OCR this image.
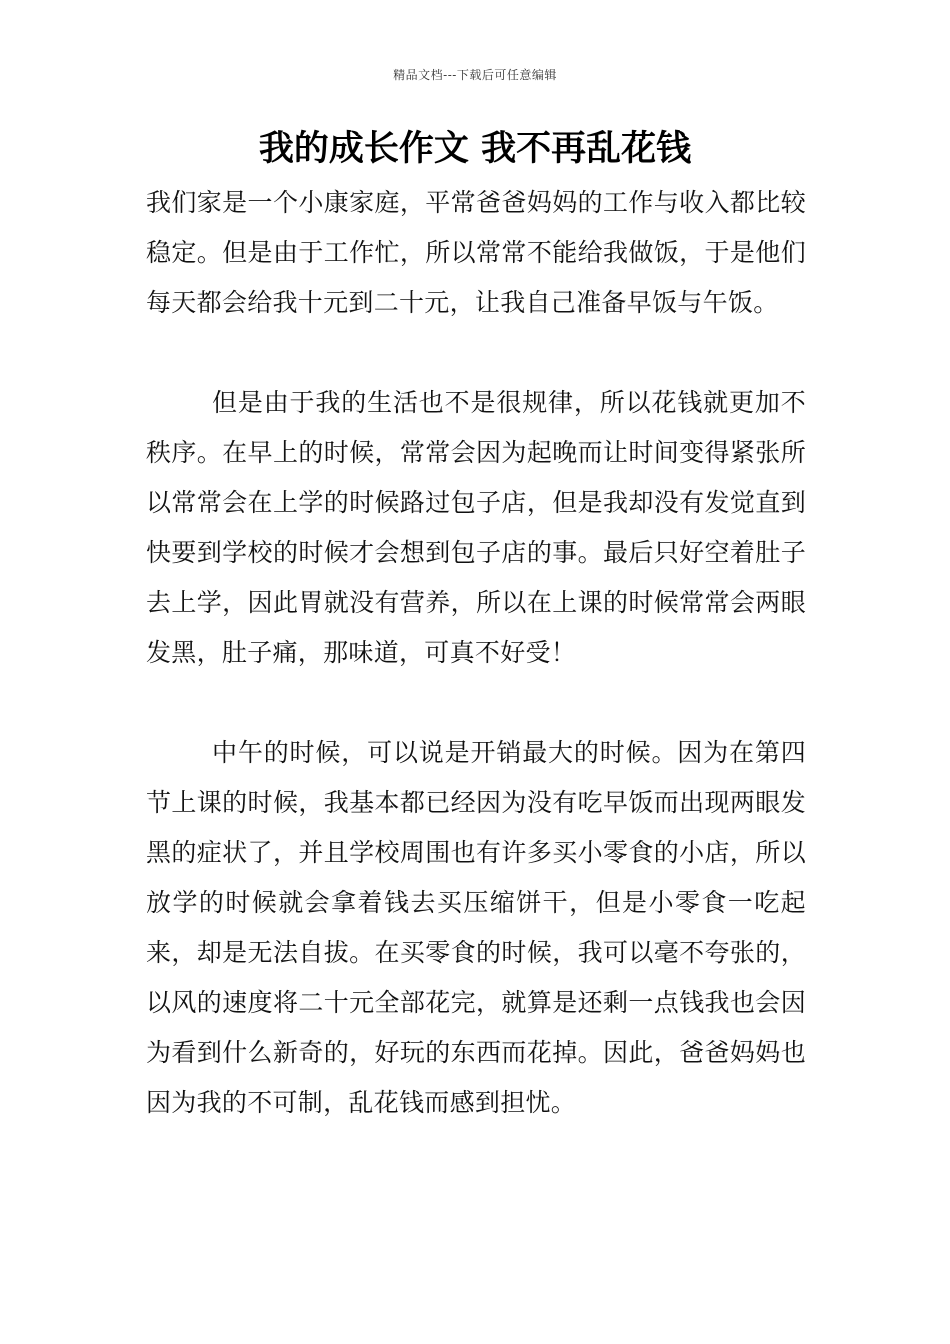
精品文档---下载后可任意编辑
我的成长作文 我不再乱花钱

我们家是一个小康家庭，平常爸爸妈妈的工作与收入都比较稳定。但是由于工作忙，所以常常不能给我做饭，于是他们每天都会给我十元到二十元，让我自己准备早饭与午饭。

但是由于我的生活也不是很规律，所以花钱就更加不秩序。在早上的时候，常常会因为起晚而让时间变得紧张所以常常会在上学的时候路过包子店，但是我却没有发觉直到快要到学校的时候才会想到包子店的事。最后只好空着肚子去上学，因此胃就没有营养，所以在上课的时候常常会两眼发黑，肚子痛，那味道，可真不好受！

中午的时候，可以说是开销最大的时候。因为在第四节上课的时候，我基本都已经因为没有吃早饭而出现两眼发黑的症状了，并且学校周围也有许多买小零食的小店，所以放学的时候就会拿着钱去买压缩饼干，但是小零食一吃起来，却是无法自拔。在买零食的时候，我可以毫不夸张的，以风的速度将二十元全部花完，就算是还剩一点钱我也会因为看到什么新奇的，好玩的东西而花掉。因此，爸爸妈妈也因为我的不可制，乱花钱而感到担忧。
